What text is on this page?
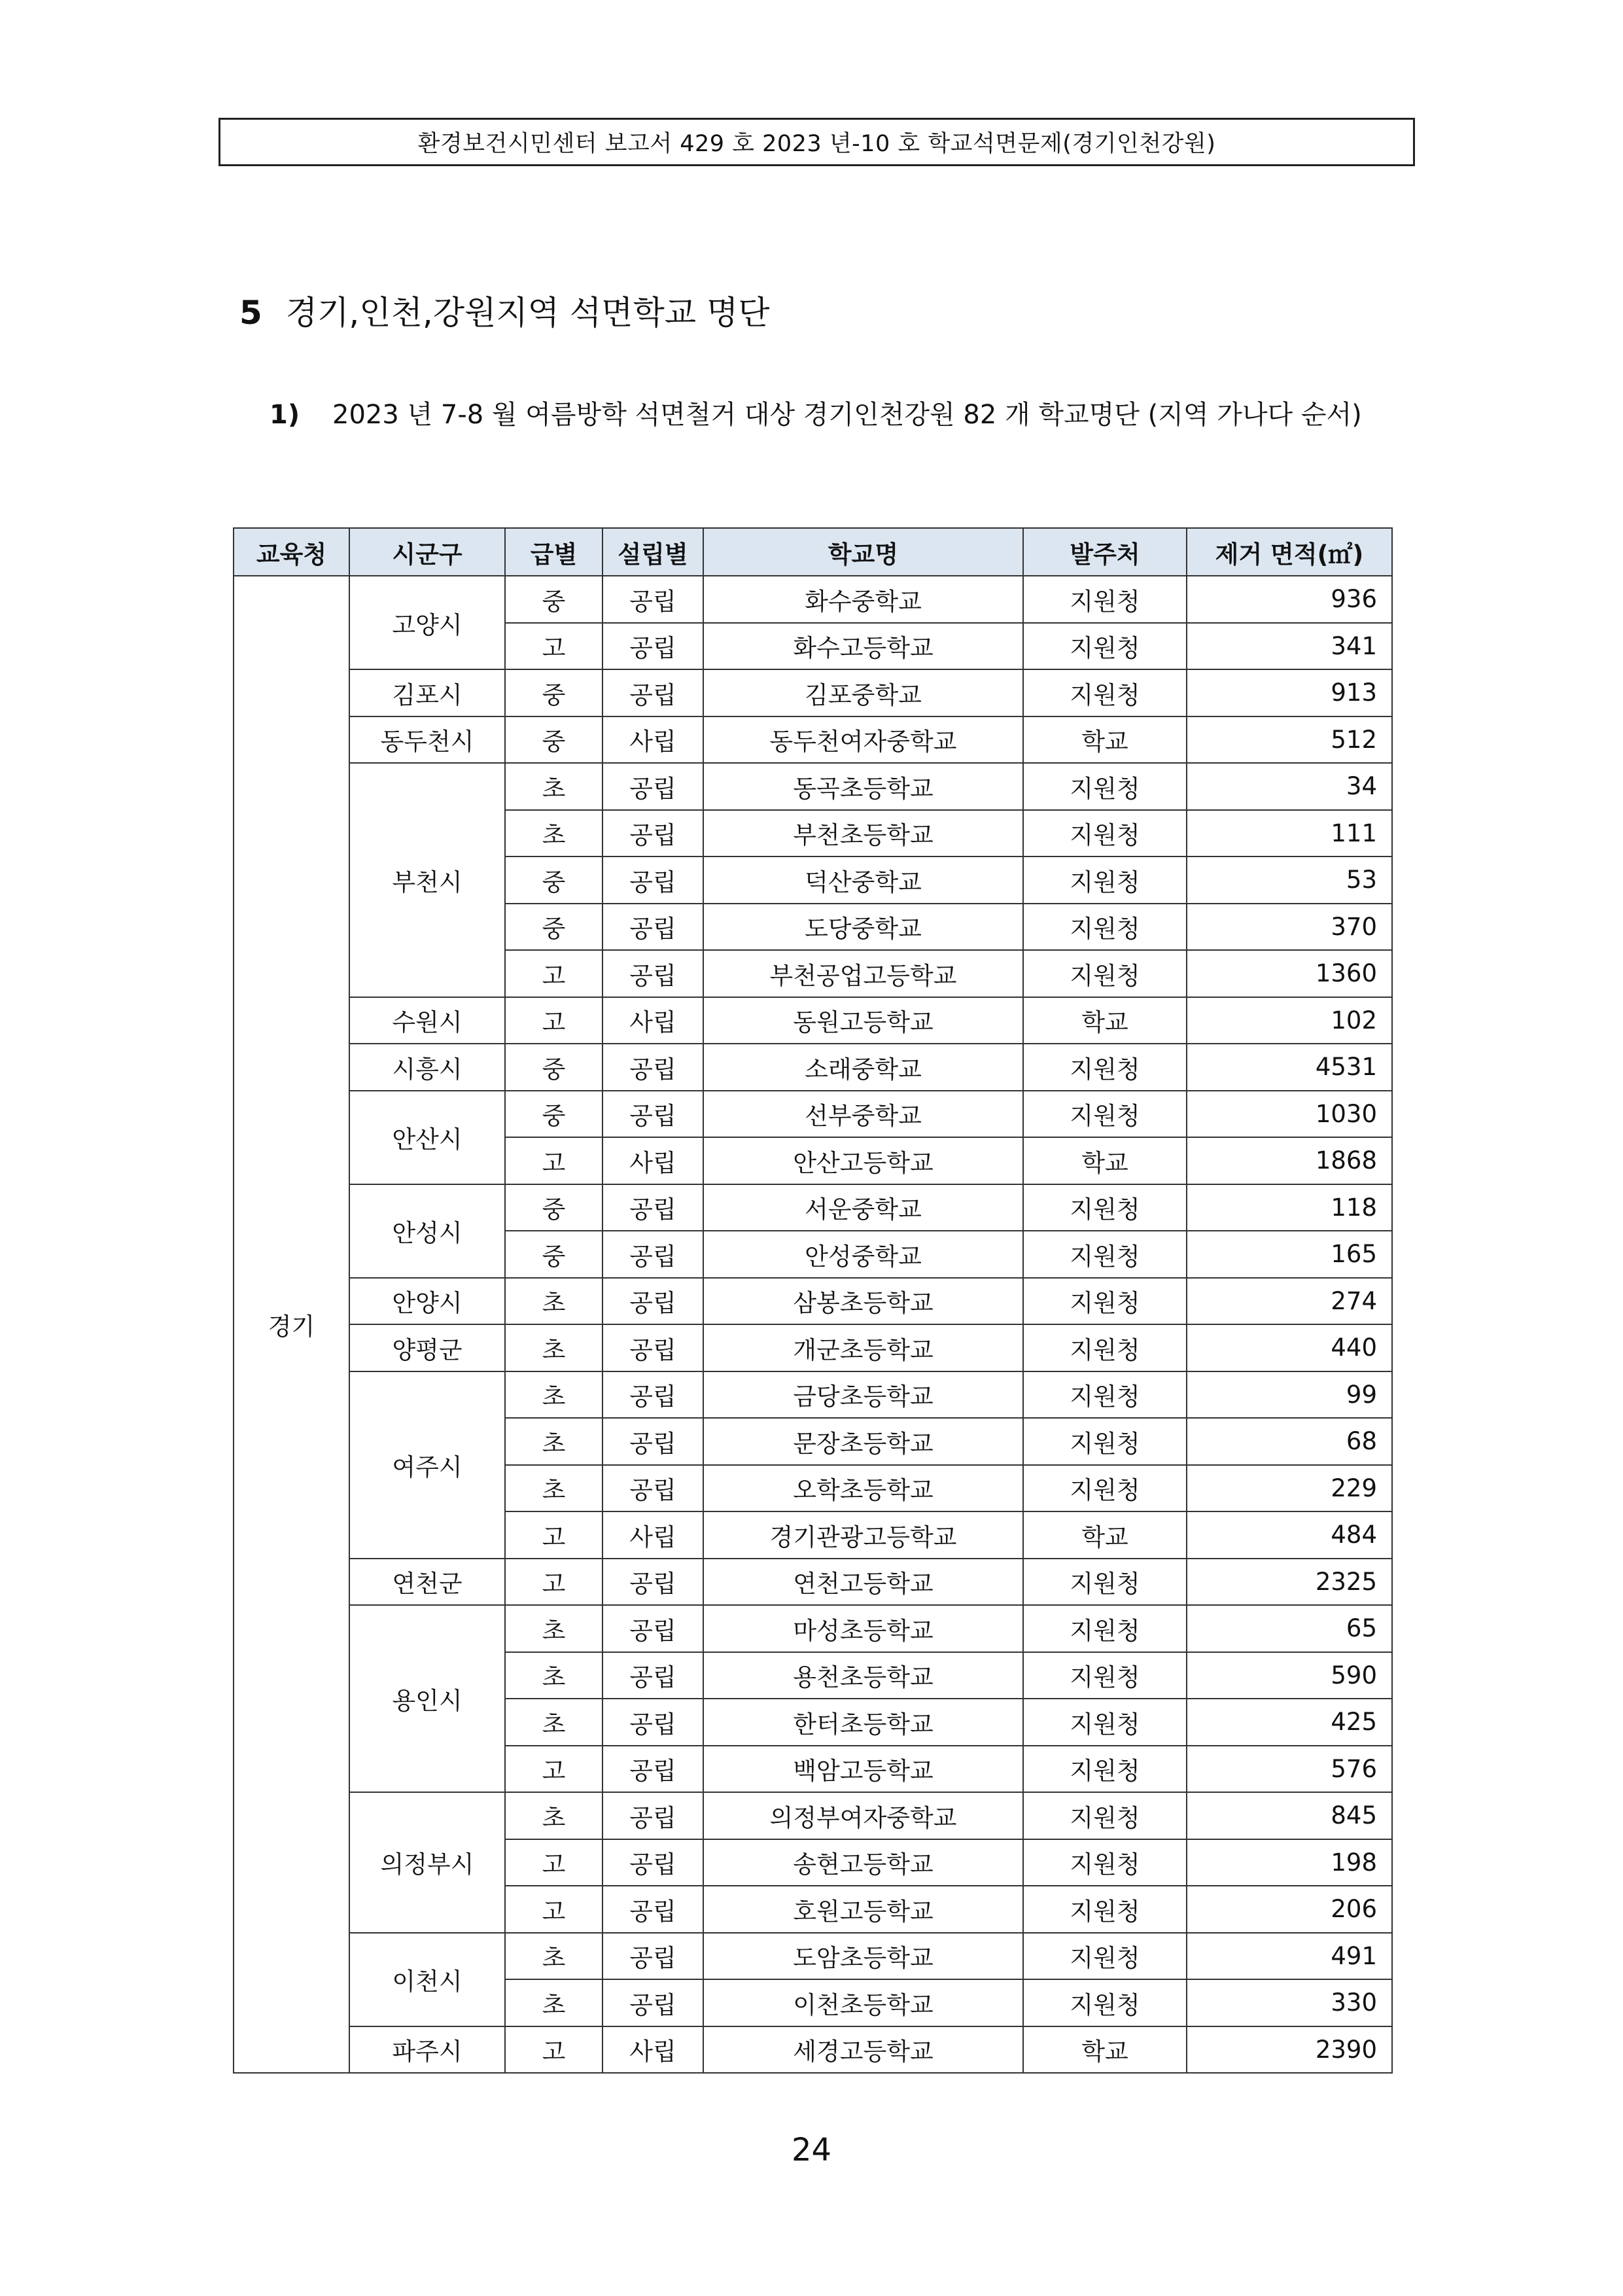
환경보건시민센터 보고서 429 호 2023 년-10 호 학교석면문제(경기인천강원)
5 경기,인천,강원지역 석면학교 명단
1) 2023 년 7-8 월 여름방학 석면철거 대상 경기인천강원 82 개 학교명단 (지역 가나다 순서)
교육청	시군구	급별	설립별	학교명	발주처	제거 면적(㎡)
경기	고양시	중	공립	화수중학교	지원청	936
		고	공립	화수고등학교	지원청	341
	김포시	중	공립	김포중학교	지원청	913
	동두천시	중	사립	동두천여자중학교	학교	512
	부천시	초	공립	동곡초등학교	지원청	34
		초	공립	부천초등학교	지원청	111
		중	공립	덕산중학교	지원청	53
		중	공립	도당중학교	지원청	370
		고	공립	부천공업고등학교	지원청	1360
	수원시	고	사립	동원고등학교	학교	102
	시흥시	중	공립	소래중학교	지원청	4531
	안산시	중	공립	선부중학교	지원청	1030
		고	사립	안산고등학교	학교	1868
	안성시	중	공립	서운중학교	지원청	118
		중	공립	안성중학교	지원청	165
	안양시	초	공립	삼봉초등학교	지원청	274
	양평군	초	공립	개군초등학교	지원청	440
	여주시	초	공립	금당초등학교	지원청	99
		초	공립	문장초등학교	지원청	68
		초	공립	오학초등학교	지원청	229
		고	사립	경기관광고등학교	학교	484
	연천군	고	공립	연천고등학교	지원청	2325
	용인시	초	공립	마성초등학교	지원청	65
		초	공립	용천초등학교	지원청	590
		초	공립	한터초등학교	지원청	425
		고	공립	백암고등학교	지원청	576
	의정부시	초	공립	의정부여자중학교	지원청	845
		고	공립	송현고등학교	지원청	198
		고	공립	호원고등학교	지원청	206
	이천시	초	공립	도암초등학교	지원청	491
		초	공립	이천초등학교	지원청	330
	파주시	고	사립	세경고등학교	학교	2390
24
